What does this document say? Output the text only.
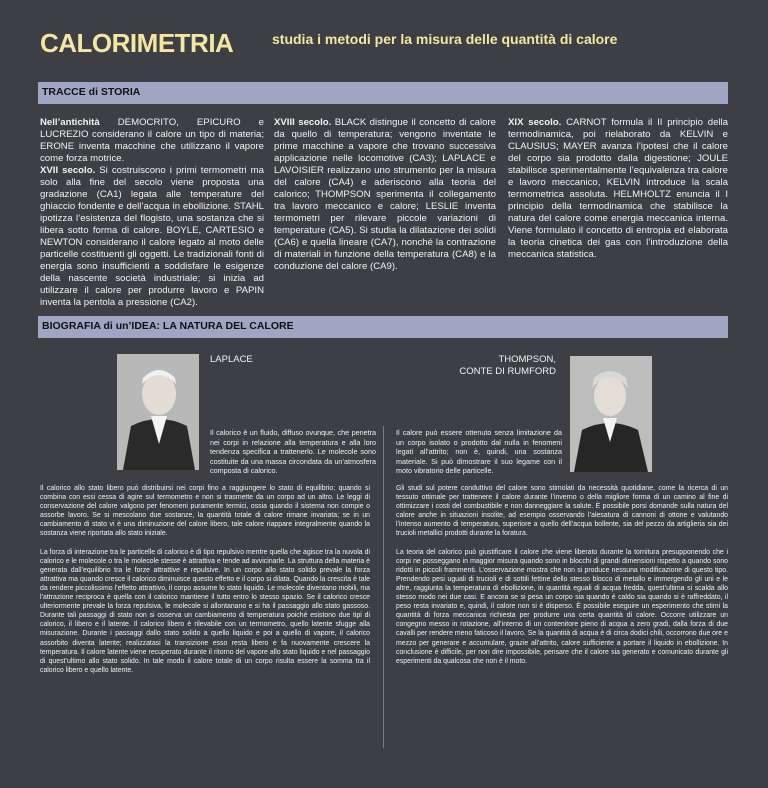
CALORIMETRIA	studia i metodi per la misura delle quantità di calore
TRACCE di STORIA
Nell’antichità DEMOCRITO, EPICURO e LUCREZIO considerano il calore un tipo di materia; ERONE inventa macchine che utilizzano il vapore come forza motrice.
XVII secolo. Si costruiscono i primi termometri ma solo alla fine del secolo viene proposta una gradazione (CA1) legata alle temperature del ghiaccio fondente e dell’acqua in ebollizione. STAHL ipotizza l’esistenza del flogisto, una sostanza che si libera sotto forma di calore. BOYLE, CARTESIO e NEWTON considerano il calore legato al moto delle particelle costituenti gli oggetti. Le tradizionali fonti di energia sono insufficienti a soddisfare le esigenze della nascente società industriale; si inizia ad utilizzare il calore per produrre lavoro e PAPIN inventa la pentola a pressione (CA2).
XVIII secolo. BLACK distingue il concetto di calore da quello di temperatura; vengono inventate le prime macchine a vapore che trovano successiva applicazione nelle locomotive (CA3); LAPLACE e LAVOISIER realizzano uno strumento per la misura del calore (CA4) e aderiscono alla teoria del calorico; THOMPSON sperimenta il collegamento tra lavoro meccanico e calore; LESLIE inventa termometri per rilevare piccole variazioni di temperature (CA5). Si studia la dilatazione dei solidi (CA6) e quella lineare (CA7), nonché la contrazione di materiali in funzione della temperatura (CA8) e la conduzione del calore (CA9).
XIX secolo. CARNOT formula il II principio della termodinamica, poi rielaborato da KELVIN e CLAUSIUS; MAYER avanza l’ipotesi che il calore del corpo sia prodotto dalla digestione; JOULE stabilisce sperimentalmente l’equivalenza tra calore e lavoro meccanico, KELVIN introduce la scala termometrica assoluta. HELMHOLTZ enuncia il I principio della termodinamica che stabilisce la natura del calore come energia meccanica interna. Viene formulato il concetto di entropia ed elaborata la teoria cinetica dei gas con l’introduzione della meccanica statistica.
BIOGRAFIA di un’IDEA: LA NATURA DEL CALORE
LAPLACE	THOMPSON,
CONTE DI RUMFORD
Il calorico è un fluido, diffuso ovunque, che penetra nei corpi in relazione alla temperatura e alla loro tendenza specifica a trattenerlo. Le molecole sono costituite da una massa circondata da un’atmosfera composta di calorico.
Il calore può essere ottenuto senza limitazione da un corpo isolato o prodotto dal nulla in fenomeni legati all’attrito; non è, quindi, una sostanza materiale. Si può dimostrare il suo legame con il moto vibratorio delle particelle.

Il calorico allo stato libero può distribuirsi nei corpi fino a raggiungere lo stato di equilibrio; quando si combina con essi cessa di agire sul termometro e non si trasmette da un corpo ad un altro. Le leggi di conservazione del calore valgono per fenomeni puramente termici, ossia quando il sistema non compie o assorbe lavoro. Se si mescolano due sostanze, la quantità totale di calore rimane invariata; se in un cambiamento di stato vi è una diminuzione del calore libero, tale calore riappare integralmente quando la sostanza viene riportata allo stato iniziale.

La forza di interazione tra le particelle di calorico è di tipo repulsivo mentre quella che agisce tra la nuvola di calorico e le molecole o tra le molecole stesse è attrattiva e tende ad avvicinarle. La struttura della materia è generata dall’equilibrio tra le forze attrattive e repulsive. In un corpo allo stato solido prevale la forza attrattiva ma quando cresce il calorico diminuisce questo effetto e il corpo si dilata. Quando la crescita è tale da rendere piccolissimo l’effetto attrattivo, il corpo assume lo stato liquido. Le molecole diventano mobili, ma l’attrazione reciproca è quella con il calorico mantiene il tutto entro lo stesso spazio. Se il calorico cresce ulteriormente prevale la forza repulsiva, le molecole si allontanano e si ha il passaggio allo stato gassoso. Durante tali passaggi di stato non si osserva un cambiamento di temperatura poiché esistono due tipi di calorico, il libero e il latente. Il calorico libero è rilevabile con un termometro, quello latente sfugge alla misurazione. Durante i passaggi dallo stato solido a quello liquido e poi a quello di vapore, il calorico assorbito diventa latente; realizzatasi la transizione esso resta libero e fa nuovamente crescere la temperatura. Il calore latente viene recuperato durante il ritorno del vapore allo stato liquido e nel passaggio di quest’ultimo allo stato solido. In tale modo il calore totale di un corpo risulta essere la somma tra il calorico libero e quello latente.

Gli studi sul potere conduttivo del calore sono stimolati da necessità quotidiane, come la ricerca di un tessuto ottimale per trattenere il calore durante l’inverno o della migliore forma di un camino al fine di ottimizzare i costi del combustibile e non danneggiare la salute. È possibile porsi domande sulla natura del calore anche in situazioni insolite, ad esempio osservando l’alesatura di cannoni di ottone e valutando l’intenso aumento di temperatura, superiore a quello dell’acqua bollente, sia del pezzo da artiglieria sia dei trucioli metallici prodotti durante la foratura.

La teoria del calorico può giustificare il calore che viene liberato durante la tornitura presupponendo che i corpi ne posseggano in maggior misura quando sono in blocchi di grandi dimensioni rispetto a quando sono ridotti in piccoli frammenti. L’osservazione mostra che non si produce nessuna modificazione di questo tipo. Prendendo pesi uguali di trucioli e di sottili fettine dello stesso blocco di metallo e immergendo gli uni e le altre, raggiunta la temperatura di ebollizione, in quantità eguali di acqua fredda, quest’ultima si scalda allo stesso modo nei due casi. E ancora se si pesa un corpo sia quando è caldo sia quando si è raffreddato, il peso resta invariato e, quindi, il calore non si è disperso. È possibile eseguire un esperimento che stimi la quantità di forza meccanica richiesta per produrre una certa quantità di calore. Occorre utilizzare un congegno messo in rotazione, all’interno di un contenitore pieno di acqua a zero gradi, dalla forza di due cavalli per rendere meno faticoso il lavoro. Se la quantità di acqua è di circa dodici chili, occorrono due ore e mezzo per generare e accumulare, grazie all’attrito, calore sufficiente a portare il liquido in ebollizione. In conclusione è difficile, per non dire impossibile, pensare che il calore sia generato e comunicato durante gli esperimenti da qualcosa che non è il moto.
